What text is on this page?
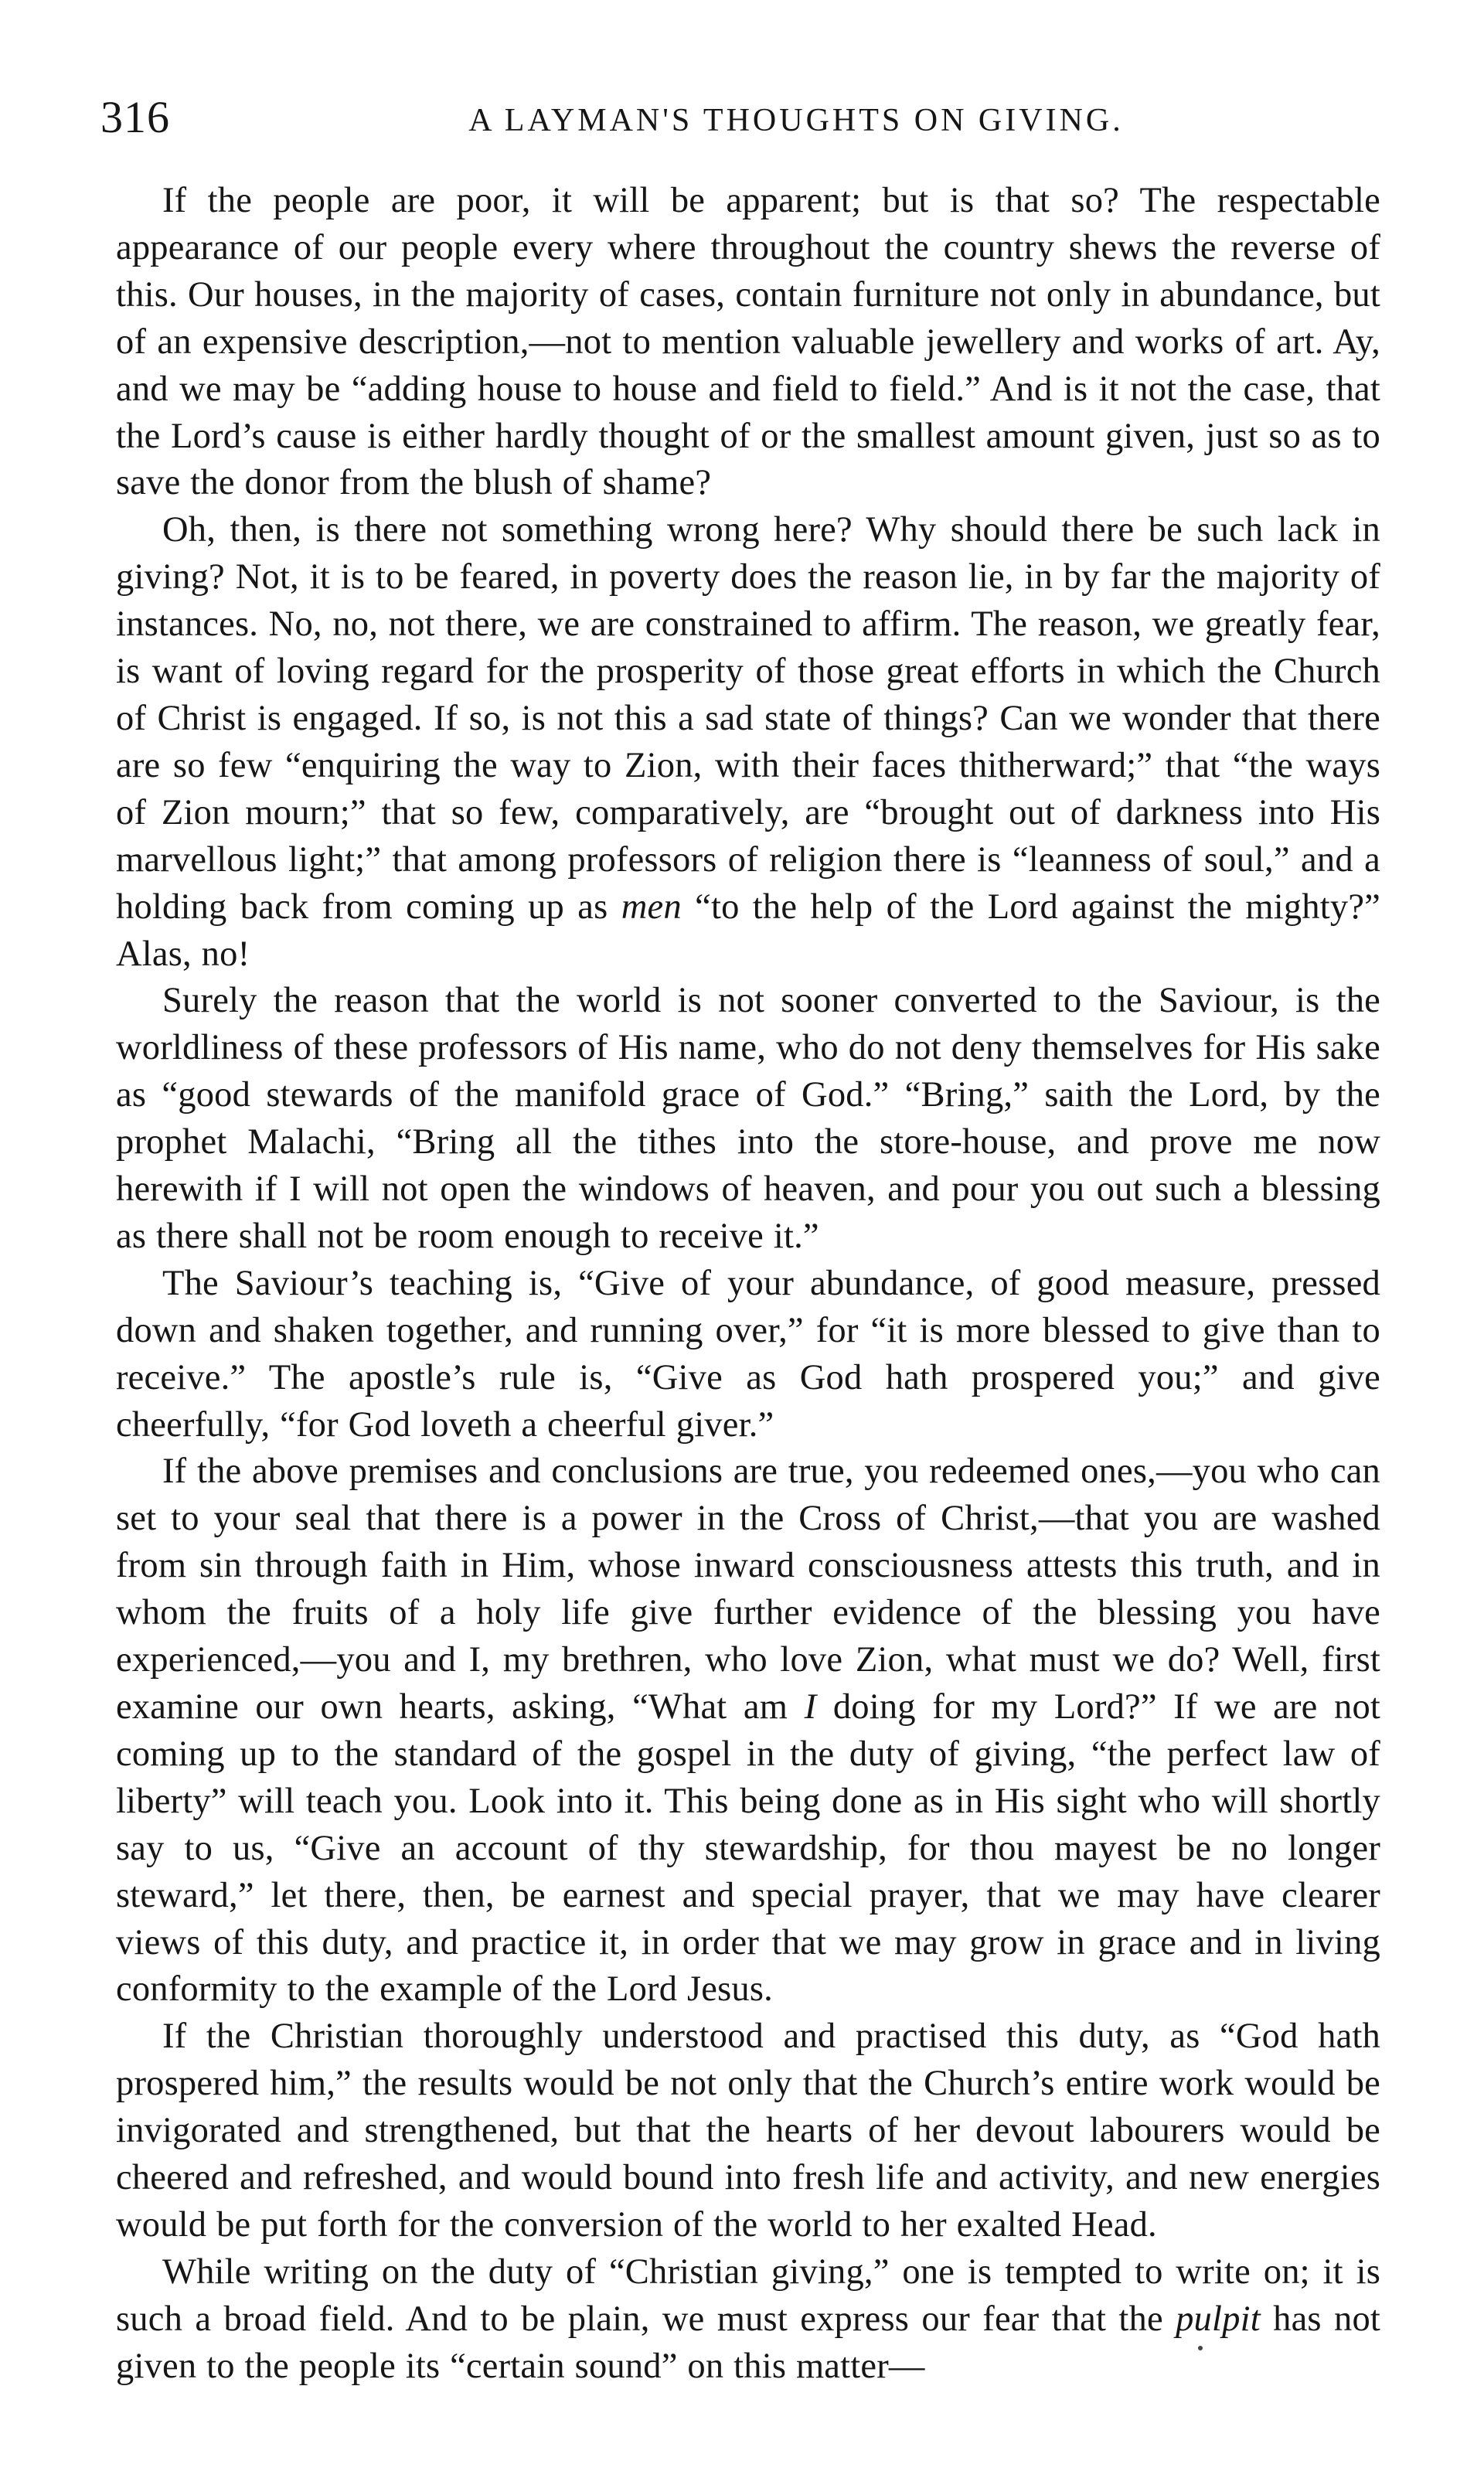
316	A LAYMAN'S THOUGHTS ON GIVING.

If the people are poor, it will be apparent; but is that so? The respectable appearance of our people every where throughout the country shews the reverse of this. Our houses, in the majority of cases, contain furniture not only in abundance, but of an expensive description,—not to mention valuable jewellery and works of art. Ay, and we may be “adding house to house and field to field.” And is it not the case, that the Lord’s cause is either hardly thought of or the smallest amount given, just so as to save the donor from the blush of shame?

Oh, then, is there not something wrong here? Why should there be such lack in giving? Not, it is to be feared, in poverty does the reason lie, in by far the majority of instances. No, no, not there, we are constrained to affirm. The reason, we greatly fear, is want of loving regard for the prosperity of those great efforts in which the Church of Christ is engaged. If so, is not this a sad state of things? Can we wonder that there are so few “enquiring the way to Zion, with their faces thitherward;” that “the ways of Zion mourn;” that so few, comparatively, are “brought out of darkness into His marvellous light;” that among professors of religion there is “leanness of soul,” and a holding back from coming up as men “to the help of the Lord against the mighty?” Alas, no!

Surely the reason that the world is not sooner converted to the Saviour, is the worldliness of these professors of His name, who do not deny themselves for His sake as “good stewards of the manifold grace of God.” “Bring,” saith the Lord, by the prophet Malachi, “Bring all the tithes into the store-house, and prove me now herewith if I will not open the windows of heaven, and pour you out such a blessing as there shall not be room enough to receive it.”

The Saviour’s teaching is, “Give of your abundance, of good measure, pressed down and shaken together, and running over,” for “it is more blessed to give than to receive.” The apostle’s rule is, “Give as God hath prospered you;” and give cheerfully, “for God loveth a cheerful giver.”

If the above premises and conclusions are true, you redeemed ones,—you who can set to your seal that there is a power in the Cross of Christ,—that you are washed from sin through faith in Him, whose inward consciousness attests this truth, and in whom the fruits of a holy life give further evidence of the blessing you have experienced,—you and I, my brethren, who love Zion, what must we do? Well, first examine our own hearts, asking, “What am I doing for my Lord?” If we are not coming up to the standard of the gospel in the duty of giving, “the perfect law of liberty” will teach you. Look into it. This being done as in His sight who will shortly say to us, “Give an account of thy stewardship, for thou mayest be no longer steward,” let there, then, be earnest and special prayer, that we may have clearer views of this duty, and practice it, in order that we may grow in grace and in living conformity to the example of the Lord Jesus.

If the Christian thoroughly understood and practised this duty, as “God hath prospered him,” the results would be not only that the Church’s entire work would be invigorated and strengthened, but that the hearts of her devout labourers would be cheered and refreshed, and would bound into fresh life and activity, and new energies would be put forth for the conversion of the world to her exalted Head.

While writing on the duty of “Christian giving,” one is tempted to write on; it is such a broad field. And to be plain, we must express our fear that the pulpit has not given to the people its “certain sound” on this matter—
